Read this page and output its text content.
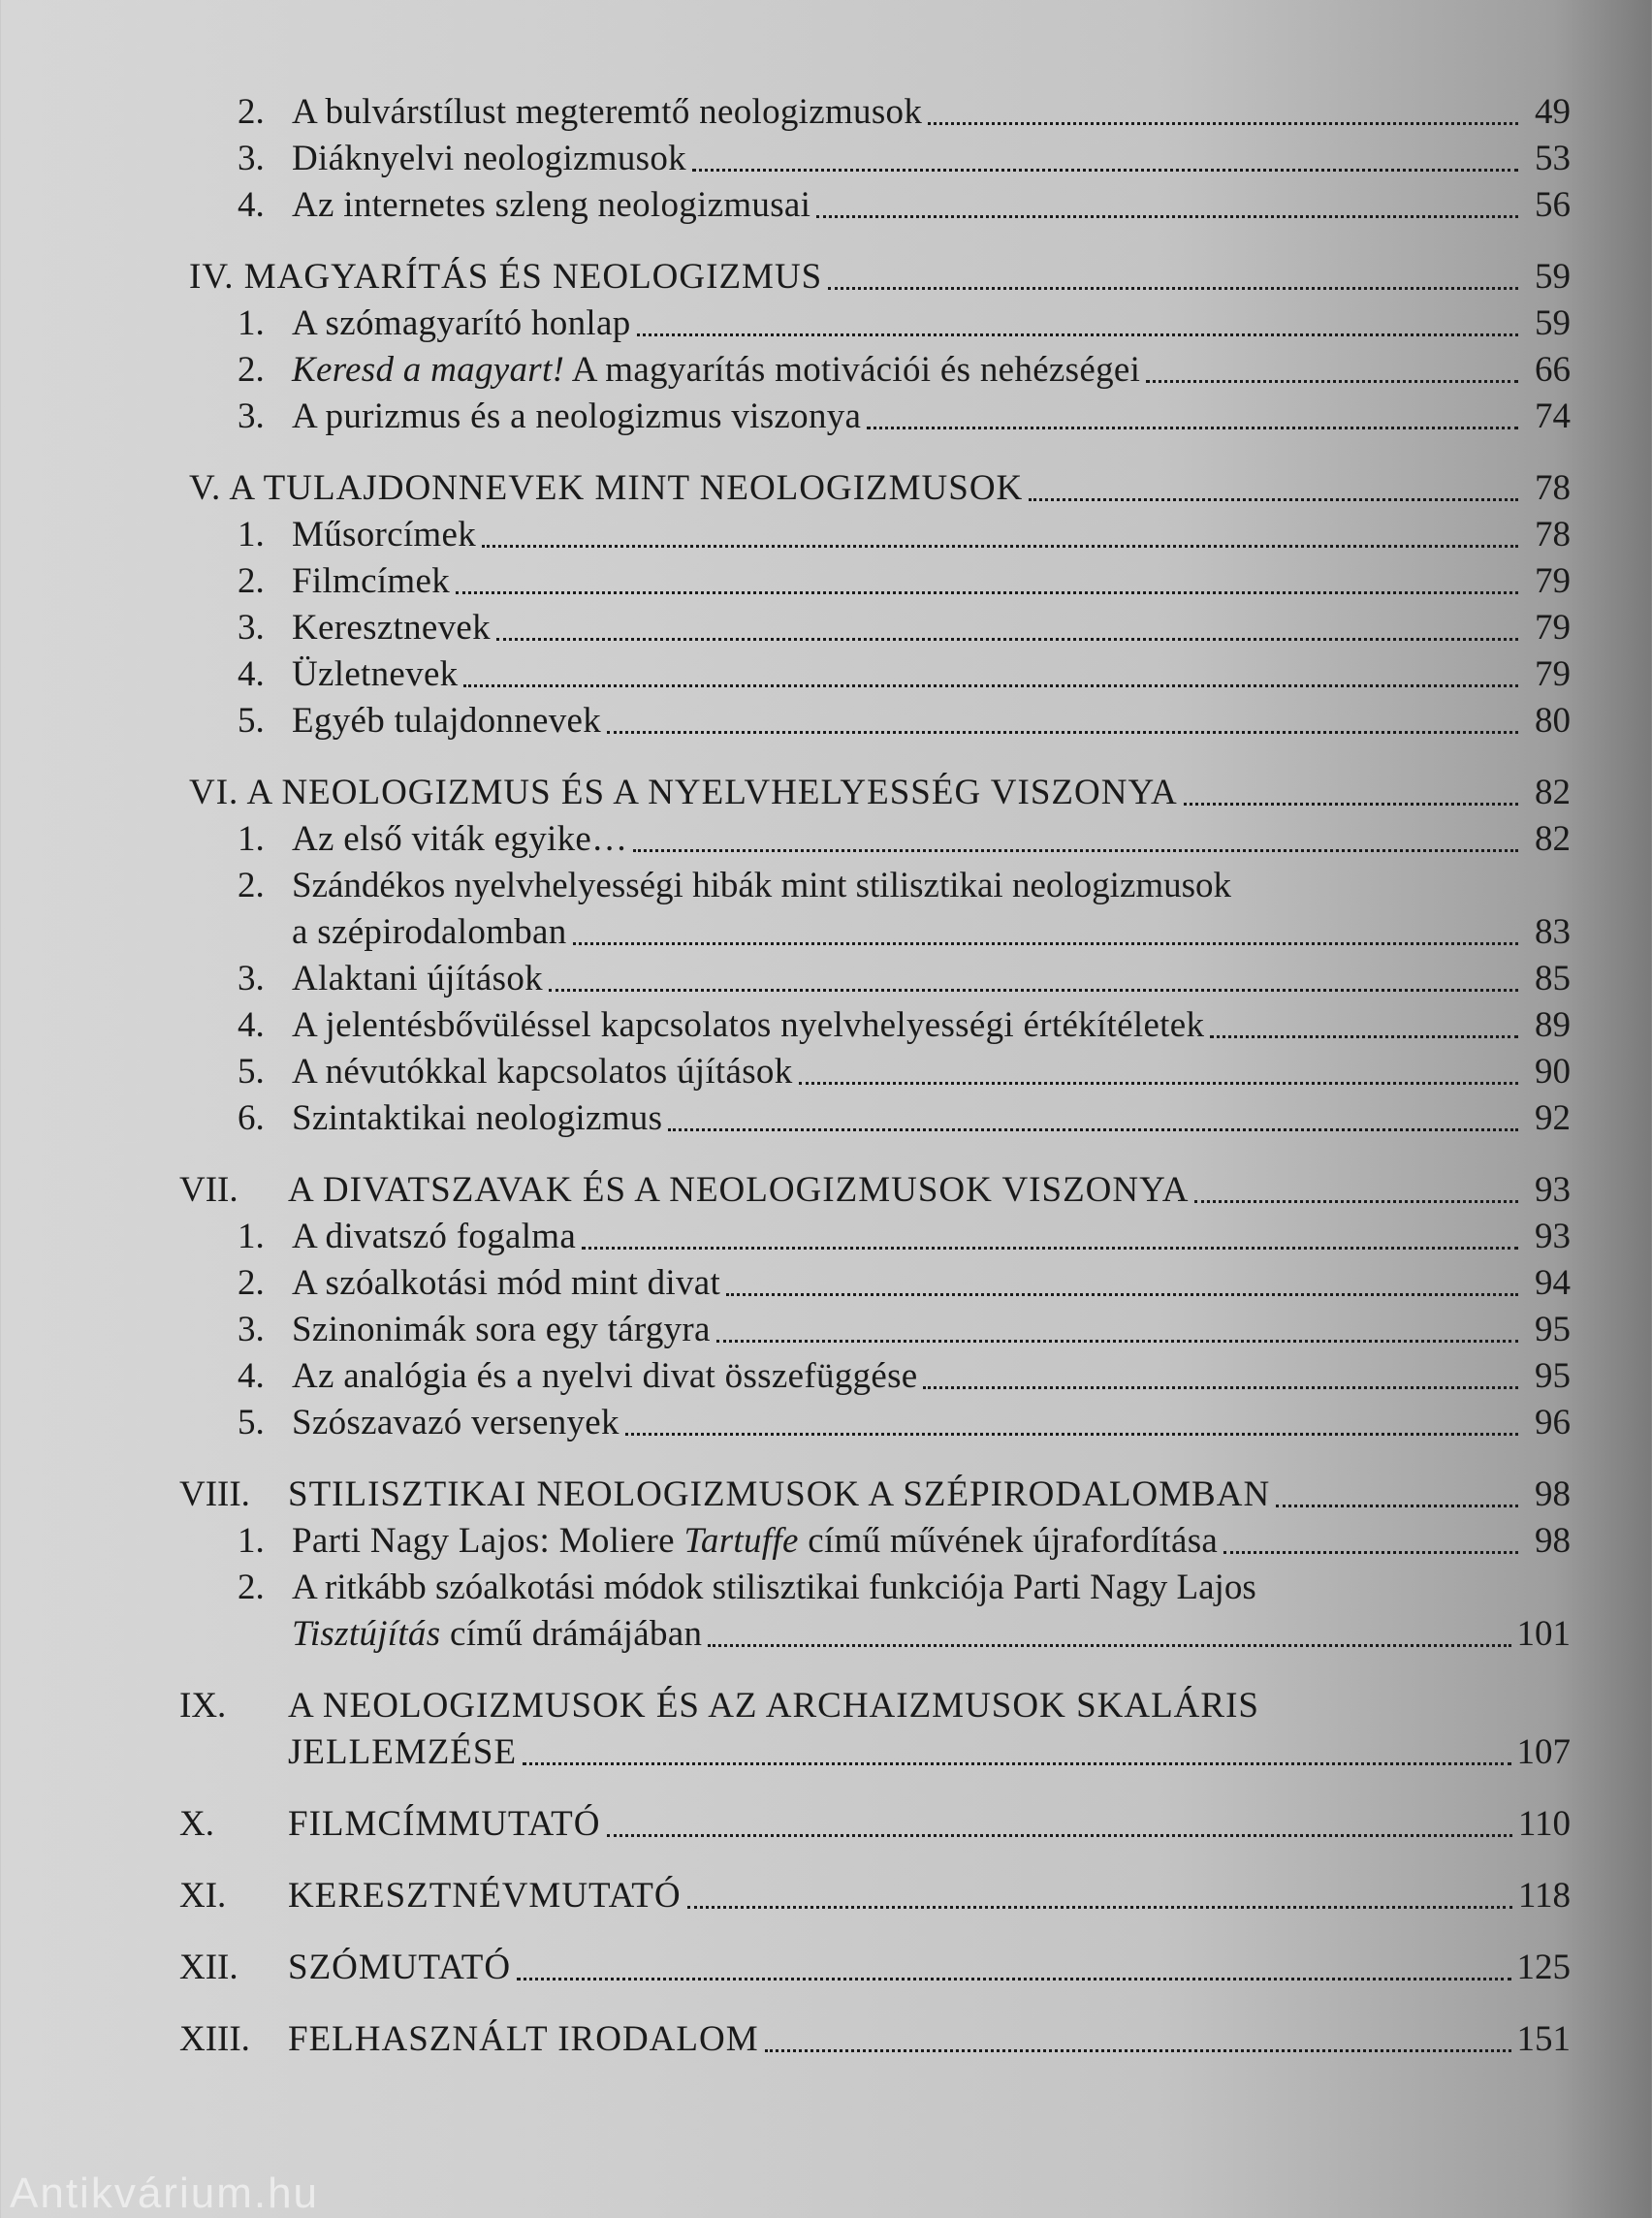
2. A bulvárstílust megteremtő neologizmusok	49
3. Diáknyelvi neologizmusok	53
4. Az internetes szleng neologizmusai	56
IV. MAGYARÍTÁS ÉS NEOLOGIZMUS	59
1. A szómagyarító honlap	59
2. Keresd a magyart! A magyarítás motivációi és nehézségei	66
3. A purizmus és a neologizmus viszonya	74
V. A TULAJDONNEVEK MINT NEOLOGIZMUSOK	78
1. Műsorcímek	78
2. Filmcímek	79
3. Keresztnevek	79
4. Üzletnevek	79
5. Egyéb tulajdonnevek	80
VI. A NEOLOGIZMUS ÉS A NYELVHELYESSÉG VISZONYA	82
1. Az első viták egyike…	82
2. Szándékos nyelvhelyességi hibák mint stilisztikai neologizmusok
a szépirodalomban	83
3. Alaktani újítások	85
4. A jelentésbővüléssel kapcsolatos nyelvhelyességi értékítéletek	89
5. A névutókkal kapcsolatos újítások	90
6. Szintaktikai neologizmus	92
VII.	A DIVATSZAVAK ÉS A NEOLOGIZMUSOK VISZONYA	93
1. A divatszó fogalma	93
2. A szóalkotási mód mint divat	94
3. Szinonimák sora egy tárgyra	95
4. Az analógia és a nyelvi divat összefüggése	95
5. Szószavazó versenyek	96
VIII.	STILISZTIKAI NEOLOGIZMUSOK A SZÉPIRODALOMBAN	98
1. Parti Nagy Lajos: Moliere Tartuffe című művének újrafordítása	98
2. A ritkább szóalkotási módok stilisztikai funkciója Parti Nagy Lajos
Tisztújítás című drámájában	101
IX.	A NEOLOGIZMUSOK ÉS AZ ARCHAIZMUSOK SKALÁRIS
JELLEMZÉSE	107
X.	FILMCÍMMUTATÓ	110
XI.	KERESZTNÉVMUTATÓ	118
XII.	SZÓMUTATÓ	125
XIII.	FELHASZNÁLT IRODALOM	151
Antikvárium.hu
